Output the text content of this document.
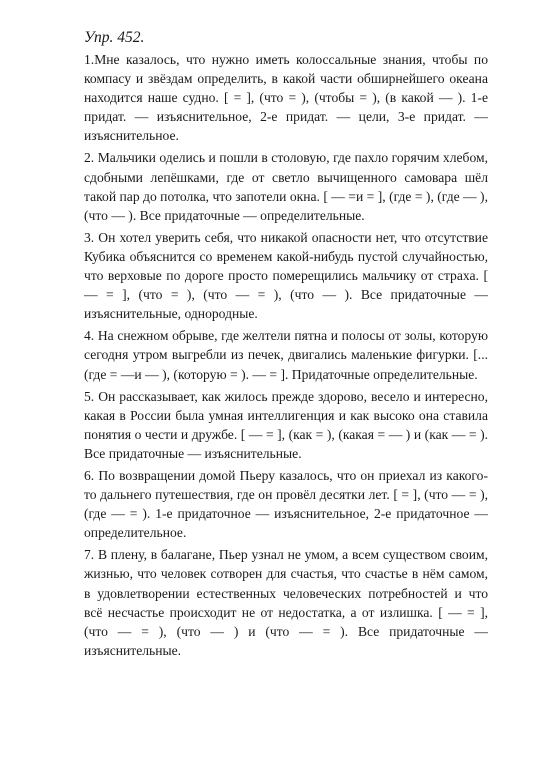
Упр. 452.

1.Мне казалось, что нужно иметь колоссальные знания, чтобы по компасу и звёздам определить, в какой части обширнейшего океана находится наше судно. [ = ], (что = ), (чтобы = ), (в какой — ). 1-е придат. — изъяснительное, 2-е придат. — цели, 3-е придат. — изъяснительное.

2. Мальчики оделись и пошли в столовую, где пахло горячим хлебом, сдобными лепёшками, где от светло вычищенного самовара шёл такой пар до потолка, что запотели окна. [ — =и = ], (где = ), (где — ), (что — ). Все придаточные — определительные.

3. Он хотел уверить себя, что никакой опасности нет, что отсутствие Кубика объяснится со временем какой-нибудь пустой случайностью, что верховые по дороге просто померещились мальчику от страха. [ — = ], (что = ), (что — = ), (что — ). Все придаточные — изъяснительные, однородные.

4. На снежном обрыве, где желтели пятна и полосы от золы, которую сегодня утром выгребли из печек, двигались маленькие фигурки. [... (где = —и — ), (которую = ). — = ]. Придаточные определительные.

5. Он рассказывает, как жилось прежде здорово, весело и интересно, какая в России была умная интеллигенция и как высоко она ставила понятия о чести и дружбе. [ — = ], (как = ), (какая = — ) и (как — = ). Все придаточные — изъяснительные.

6. По возвращении домой Пьеру казалось, что он приехал из какого-то дальнего путешествия, где он провёл десятки лет. [ = ], (что — = ), (где — = ). 1-е придаточное — изъяснительное, 2-е придаточное — определительное.

7. В плену, в балагане, Пьер узнал не умом, а всем существом своим, жизнью, что человек сотворен для счастья, что счастье в нём самом, в удовлетворении естественных человеческих потребностей и что всё несчастье происходит не от недостатка, а от излишка. [ — = ], (что — = ), (что — ) и (что — = ). Все придаточные — изъяснительные.
